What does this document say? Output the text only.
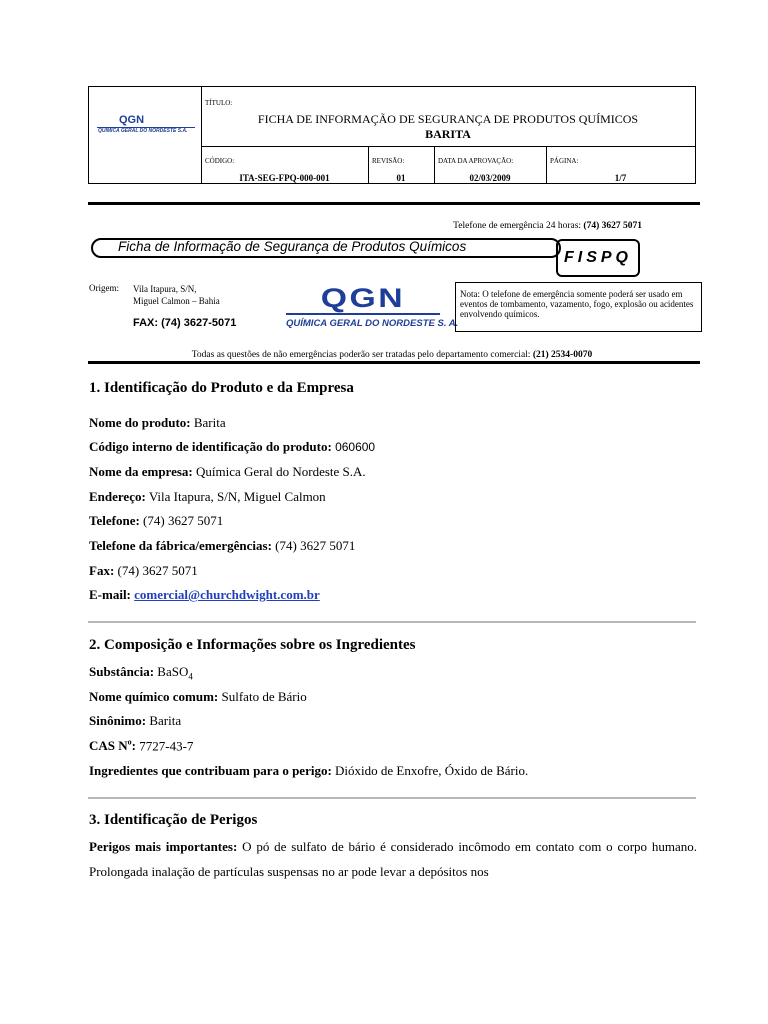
QGN
QUÍMICA GERAL DO NORDESTE S.A.
TÍTULO:
FICHA DE INFORMAÇÃO DE SEGURANÇA DE PRODUTOS QUÍMICOS
BARITA
CÓDIGO:
ITA-SEG-FPQ-000-001
REVISÃO:
01
DATA DA APROVAÇÃO:
02/03/2009
PÁGINA:
1/7
Telefone de emergência 24 horas: (74) 3627 5071
Ficha de Informação de Segurança de Produtos Químicos
FISPQ
Origem: Vila Itapura, S/N,
Miguel Calmon – Bahia
FAX: (74) 3627-5071
QGN
QUÍMICA GERAL DO NORDESTE S. A.
Nota: O telefone de emergência somente poderá ser usado em eventos de tombamento, vazamento, fogo, explosão ou acidentes envolvendo químicos.
Todas as questões de não emergências poderão ser tratadas pelo departamento comercial: (21) 2534-0070
1. Identificação do Produto e da Empresa
Nome do produto: Barita
Código interno de identificação do produto: 060600
Nome da empresa: Química Geral do Nordeste S.A.
Endereço: Vila Itapura, S/N, Miguel Calmon
Telefone: (74) 3627 5071
Telefone da fábrica/emergências: (74) 3627 5071
Fax: (74) 3627 5071
E-mail: comercial@churchdwight.com.br
2. Composição e Informações sobre os Ingredientes
Substância: BaSO$_4$
Nome químico comum: Sulfato de Bário
Sinônimo: Barita
CAS $N^o$: 7727-43-7
Ingredientes que contribuam para o perigo: Dióxido de Enxofre, Óxido de Bário.
3. Identificação de Perigos
Perigos mais importantes: O pó de sulfato de bário é considerado incômodo em contato com o corpo humano. Prolongada inalação de partículas suspensas no ar pode levar a depósitos nos
